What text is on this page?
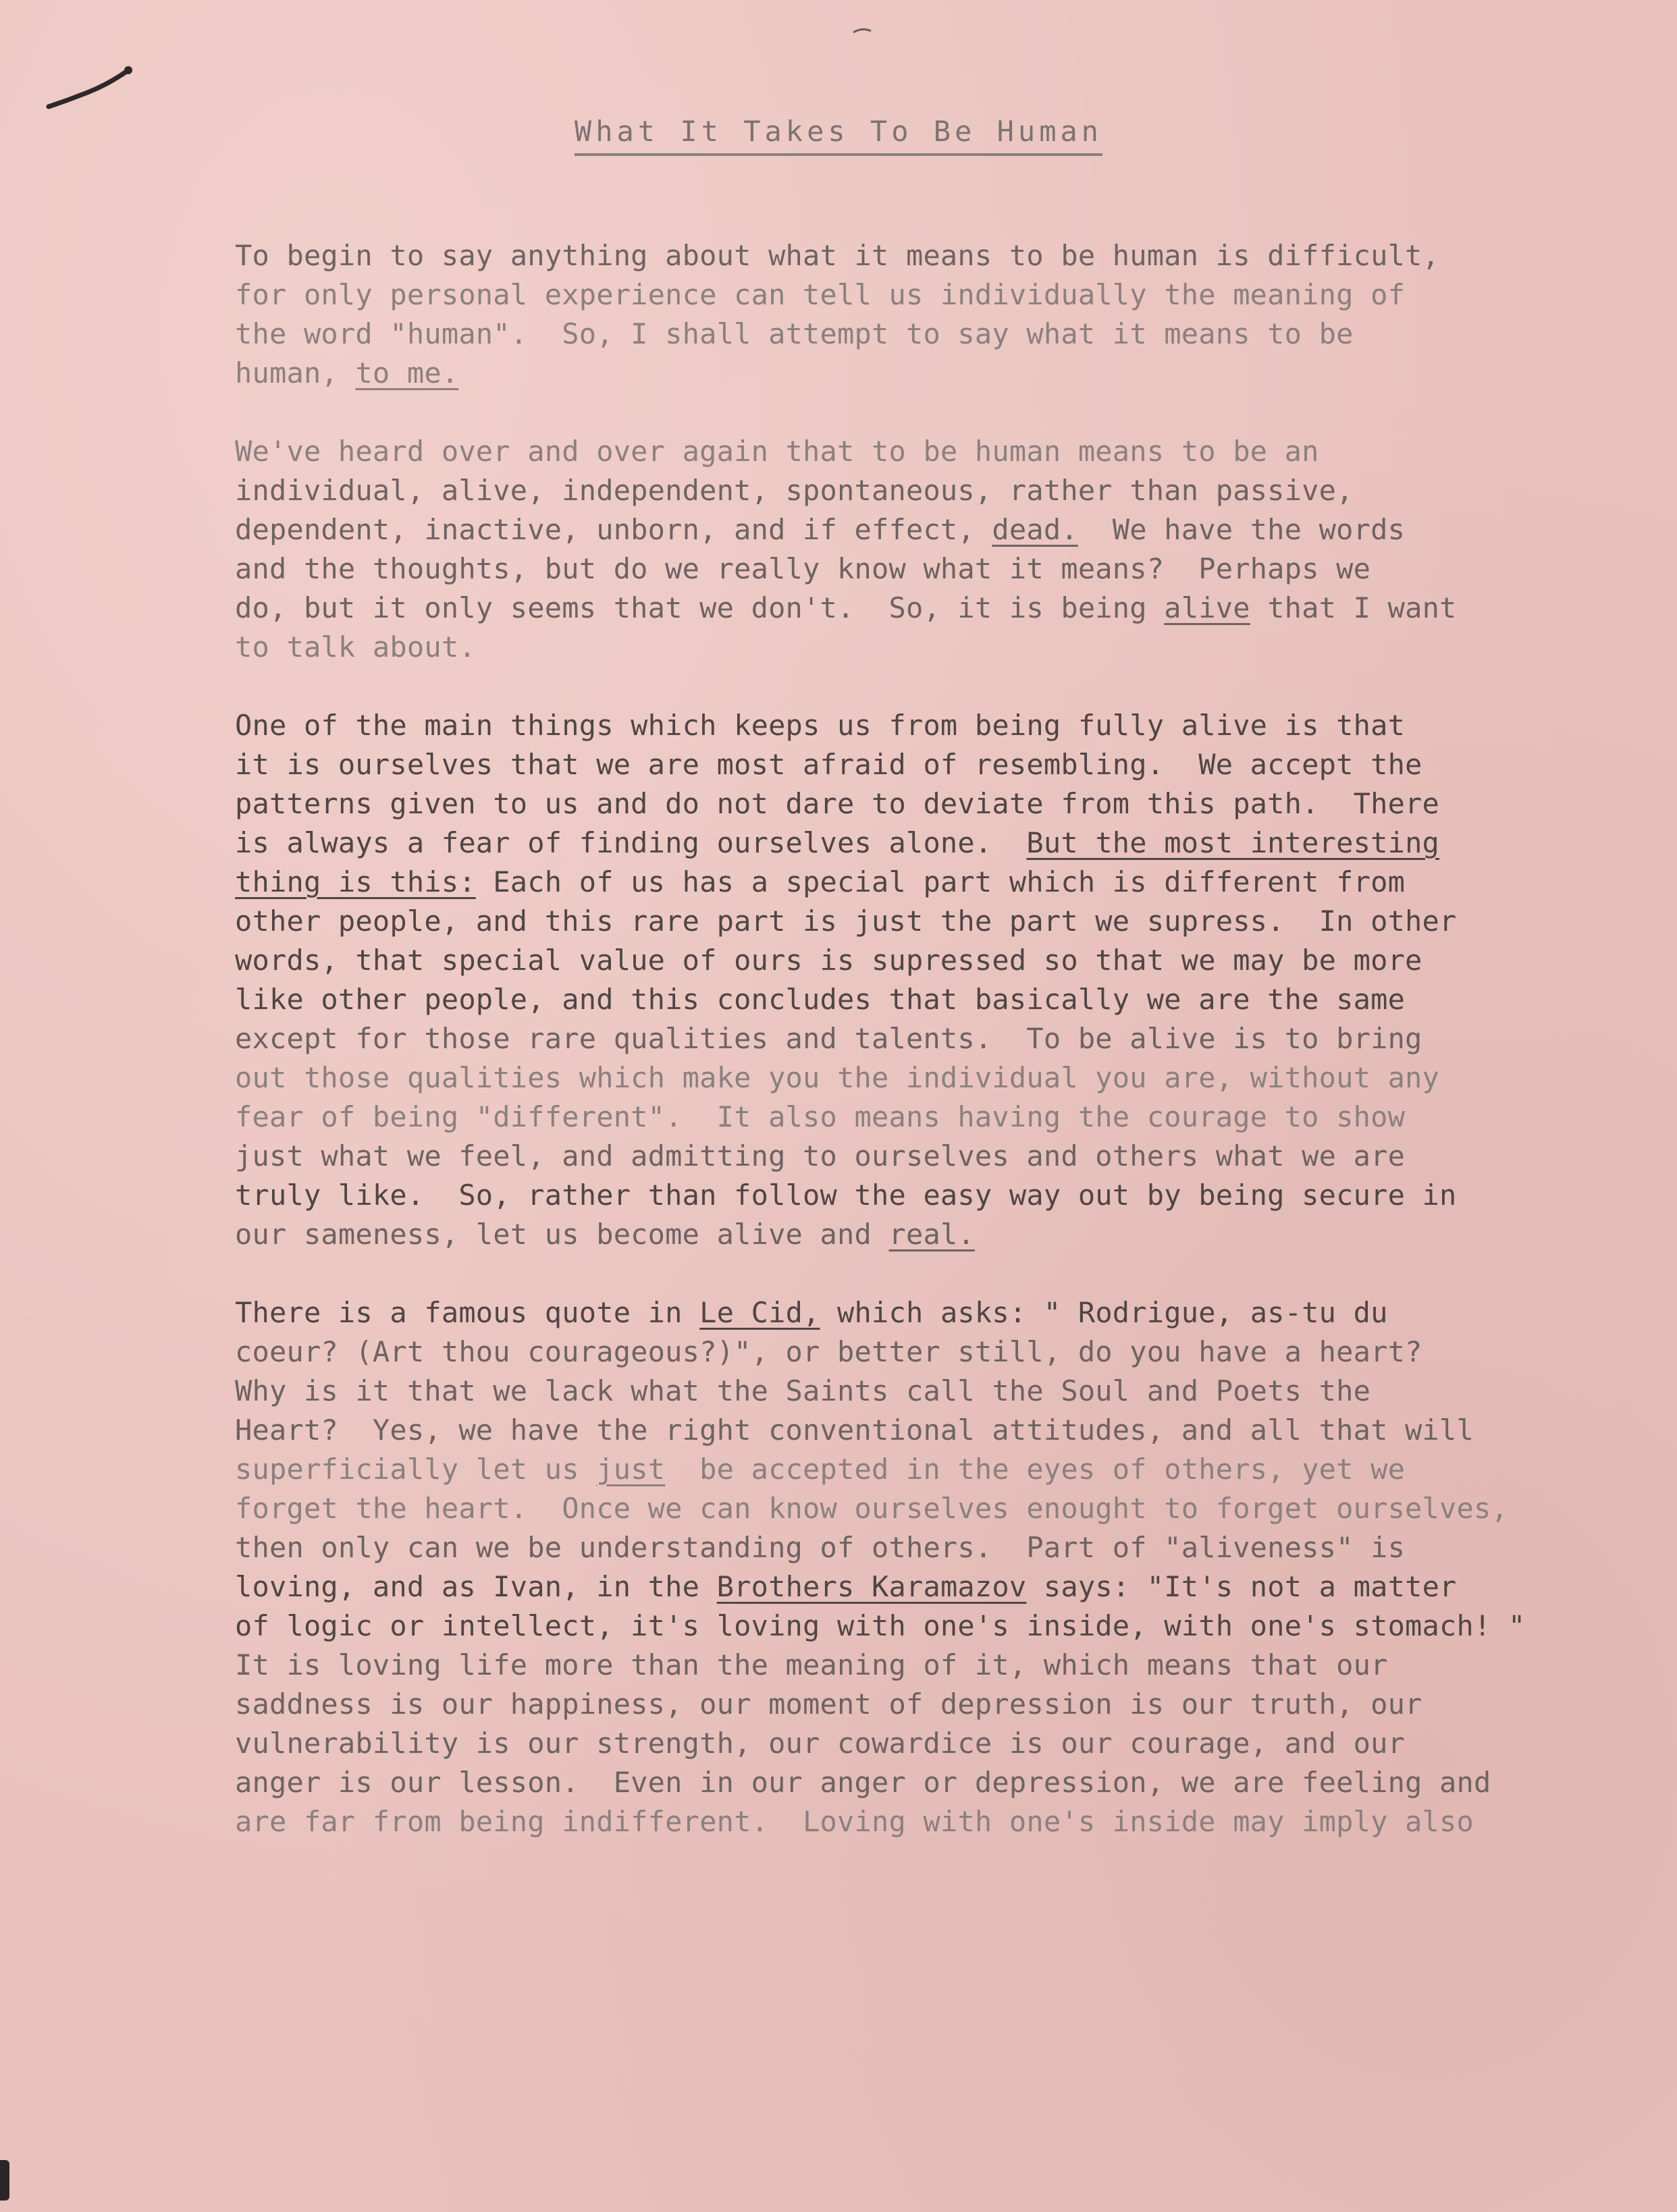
What It Takes To Be Human
To begin to say anything about what it means to be human is difficult,
for only personal experience can tell us individually the meaning of
the word "human".  So, I shall attempt to say what it means to be
human, to me.
We've heard over and over again that to be human means to be an
individual, alive, independent, spontaneous, rather than passive,
dependent, inactive, unborn, and if effect, dead.  We have the words
and the thoughts, but do we really know what it means?  Perhaps we
do, but it only seems that we don't.  So, it is being alive that I want
to talk about.
One of the main things which keeps us from being fully alive is that
it is ourselves that we are most afraid of resembling.  We accept the
patterns given to us and do not dare to deviate from this path.  There
is always a fear of finding ourselves alone.  But the most interesting
thing is this: Each of us has a special part which is different from
other people, and this rare part is just the part we supress.  In other
words, that special value of ours is supressed so that we may be more
like other people, and this concludes that basically we are the same
except for those rare qualities and talents.  To be alive is to bring
out those qualities which make you the individual you are, without any
fear of being "different".  It also means having the courage to show
just what we feel, and admitting to ourselves and others what we are
truly like.  So, rather than follow the easy way out by being secure in
our sameness, let us become alive and real.
There is a famous quote in Le Cid, which asks: " Rodrigue, as-tu du
coeur? (Art thou courageous?)", or better still, do you have a heart?
Why is it that we lack what the Saints call the Soul and Poets the
Heart?  Yes, we have the right conventional attitudes, and all that will
superficially let us just  be accepted in the eyes of others, yet we
forget the heart.  Once we can know ourselves enought to forget ourselves,
then only can we be understanding of others.  Part of "aliveness" is
loving, and as Ivan, in the Brothers Karamazov says: "It's not a matter
of logic or intellect, it's loving with one's inside, with one's stomach! "
It is loving life more than the meaning of it, which means that our
saddness is our happiness, our moment of depression is our truth, our
vulnerability is our strength, our cowardice is our courage, and our
anger is our lesson.  Even in our anger or depression, we are feeling and
are far from being indifferent.  Loving with one's inside may imply also
